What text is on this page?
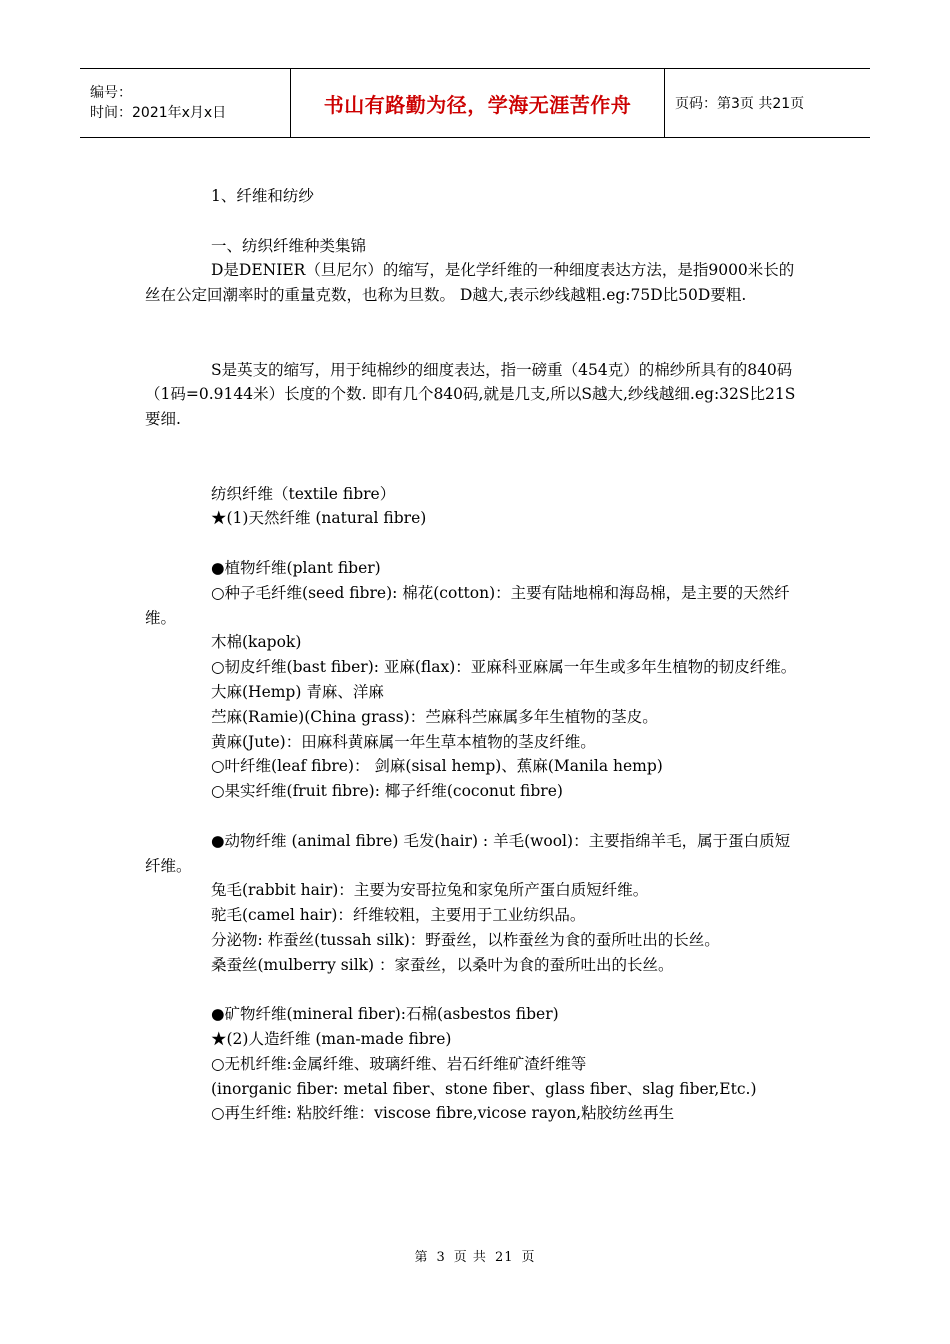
编号：
时间：2021年x月x日	书山有路勤为径，学海无涯苦作舟	页码：第3页 共21页
1、纤维和纺纱
一、纺织纤维种类集锦
D是DENIER（旦尼尔）的缩写，是化学纤维的一种细度表达方法，是指9000米长的丝在公定回潮率时的重量克数，也称为旦数。 D越大,表示纱线越粗.eg:75D比50D要粗.
S是英支的缩写，用于纯棉纱的细度表达，指一磅重（454克）的棉纱所具有的840码（1码=0.9144米）长度的个数. 即有几个840码,就是几支,所以S越大,纱线越细.eg:32S比21S要细.
纺织纤维（textile fibre）
★(1)天然纤维 (natural fibre)
●植物纤维(plant fiber)
○种子毛纤维(seed fibre): 棉花(cotton)：主要有陆地棉和海岛棉，是主要的天然纤维。
木棉(kapok)
○韧皮纤维(bast fiber): 亚麻(flax)：亚麻科亚麻属一年生或多年生植物的韧皮纤维。
大麻(Hemp) 青麻、洋麻
苎麻(Ramie)(China grass)：苎麻科苎麻属多年生植物的茎皮。
黄麻(Jute)：田麻科黄麻属一年生草本植物的茎皮纤维。
○叶纤维(leaf fibre)： 剑麻(sisal hemp)、蕉麻(Manila hemp)
○果实纤维(fruit fibre): 椰子纤维(coconut fibre)
●动物纤维 (animal fibre) 毛发(hair) : 羊毛(wool)：主要指绵羊毛，属于蛋白质短纤维。
兔毛(rabbit hair)：主要为安哥拉兔和家兔所产蛋白质短纤维。
驼毛(camel hair)：纤维较粗，主要用于工业纺织品。
分泌物: 柞蚕丝(tussah silk)：野蚕丝，以柞蚕丝为食的蚕所吐出的长丝。
桑蚕丝(mulberry silk) ：家蚕丝，以桑叶为食的蚕所吐出的长丝。
●矿物纤维(mineral fiber):石棉(asbestos fiber)
★(2)人造纤维 (man-made fibre)
○无机纤维:金属纤维、玻璃纤维、岩石纤维矿渣纤维等
(inorganic fiber: metal fiber、stone fiber、glass fiber、slag fiber,Etc.)
○再生纤维: 粘胶纤维：viscose fibre,vicose rayon,粘胶纺丝再生
第 3 页 共 21 页
